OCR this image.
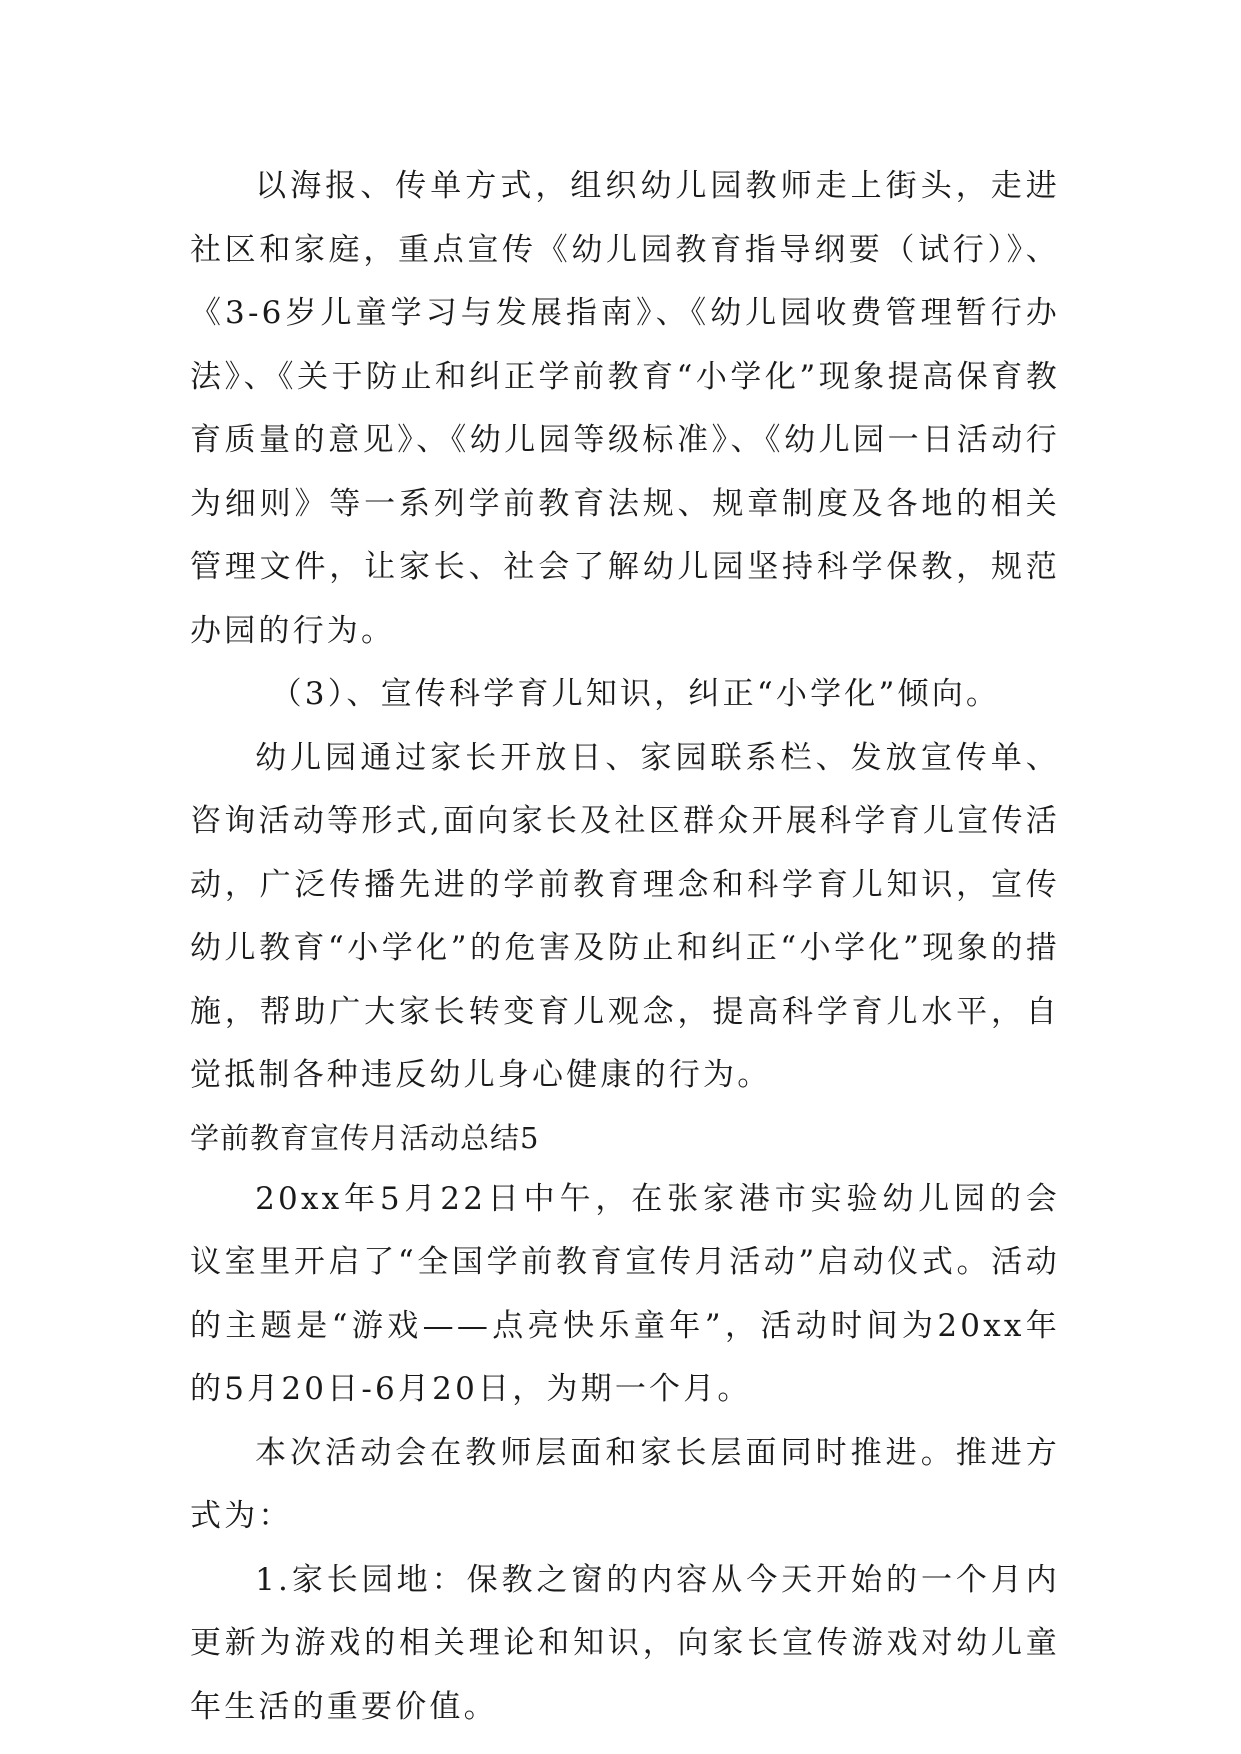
以海报、传单方式，组织幼儿园教师走上街头，走进社区和家庭，重点宣传《幼儿园教育指导纲要（试行）》、《3-6岁儿童学习与发展指南》、《幼儿园收费管理暂行办法》、《关于防止和纠正学前教育“小学化”现象提高保育教育质量的意见》、《幼儿园等级标准》、《幼儿园一日活动行为细则》等一系列学前教育法规、规章制度及各地的相关管理文件，让家长、社会了解幼儿园坚持科学保教，规范办园的行为。

（3）、宣传科学育儿知识，纠正“小学化”倾向。

幼儿园通过家长开放日、家园联系栏、发放宣传单、咨询活动等形式,面向家长及社区群众开展科学育儿宣传活动，广泛传播先进的学前教育理念和科学育儿知识，宣传幼儿教育“小学化”的危害及防止和纠正“小学化”现象的措施，帮助广大家长转变育儿观念，提高科学育儿水平，自觉抵制各种违反幼儿身心健康的行为。

学前教育宣传月活动总结5

20xx年5月22日中午，在张家港市实验幼儿园的会议室里开启了“全国学前教育宣传月活动”启动仪式。活动的主题是“游戏——点亮快乐童年”，活动时间为20xx年的5月20日-6月20日，为期一个月。

本次活动会在教师层面和家长层面同时推进。推进方式为：

1.家长园地：保教之窗的内容从今天开始的一个月内更新为游戏的相关理论和知识，向家长宣传游戏对幼儿童年生活的重要价值。
